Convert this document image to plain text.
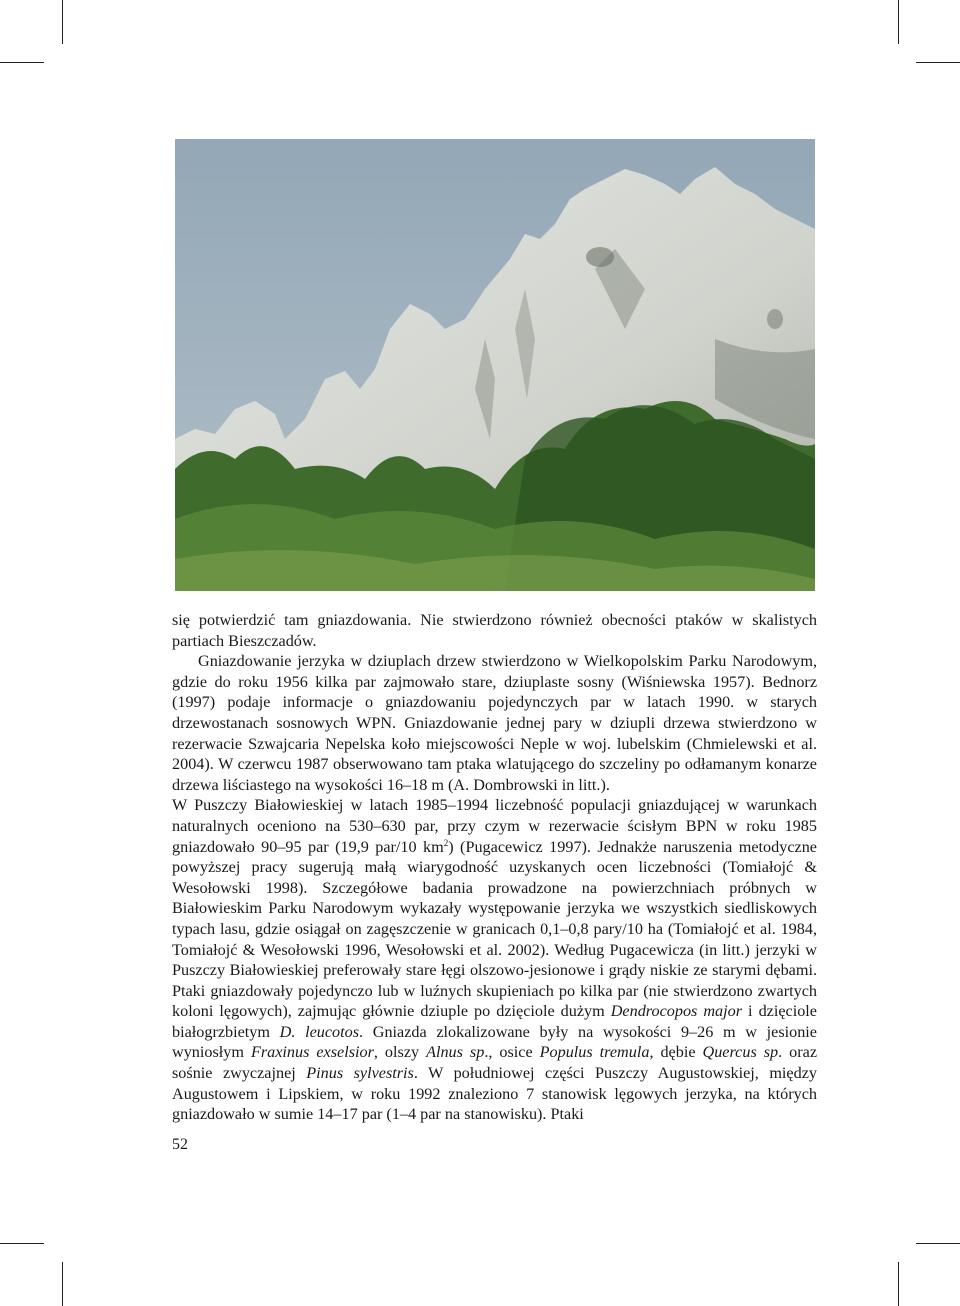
się potwierdzić tam gniazdowania. Nie stwierdzono również obecności ptaków w skalistych partiach Bieszczadów.

Gniazdowanie jerzyka w dziuplach drzew stwierdzono w Wielkopolskim Parku Narodowym, gdzie do roku 1956 kilka par zajmowało stare, dziuplaste sosny (Wiśniewska 1957). Bednorz (1997) podaje informacje o gniazdowaniu pojedynczych par w latach 1990. w starych drzewostanach sosnowych WPN. Gniazdowanie jednej pary w dziupli drzewa stwierdzono w rezerwacie Szwajcaria Nepelska koło miejscowości Neple w woj. lubelskim (Chmielewski et al. 2004). W czerwcu 1987 obserwowano tam ptaka wlatującego do szczeliny po odłamanym konarze drzewa liściastego na wysokości 16–18 m (A. Dombrowski in litt.).

W Puszczy Białowieskiej w latach 1985–1994 liczebność populacji gniazdującej w warunkach naturalnych oceniono na 530–630 par, przy czym w rezerwacie ścisłym BPN w roku 1985 gniazdowało 90–95 par (19,9 par/10 $km^2$) (Pugacewicz 1997). Jednakże naruszenia metodyczne powyższej pracy sugerują małą wiarygodność uzyskanych ocen liczebności (Tomiałojć & Wesołowski 1998). Szczegółowe badania prowadzone na powierzchniach próbnych w Białowieskim Parku Narodowym wykazały występowanie jerzyka we wszystkich siedliskowych typach lasu, gdzie osiągał on zagęszczenie w granicach 0,1–0,8 pary/10 ha (Tomiałojć et al. 1984, Tomiałojć & Wesołowski 1996, Wesołowski et al. 2002). Według Pugacewicza (in litt.) jerzyki w Puszczy Białowieskiej preferowały stare łęgi olszowo-jesionowe i grądy niskie ze starymi dębami. Ptaki gniazdowały pojedynczo lub w luźnych skupieniach po kilka par (nie stwierdzono zwartych koloni lęgowych), zajmując głównie dziuple po dzięciole dużym Dendrocopos major i dzięciole białogrzbietym D. leucotos. Gniazda zlokalizowane były na wysokości 9–26 m w jesionie wyniosłym Fraxinus exselsior, olszy Alnus sp., osice Populus tremula, dębie Quercus sp. oraz sośnie zwyczajnej Pinus sylvestris. W południowej części Puszczy Augustowskiej, między Augustowem i Lipskiem, w roku 1992 znaleziono 7 stanowisk lęgowych jerzyka, na których gniazdowało w sumie 14–17 par (1–4 par na stanowisku). Ptaki

52
